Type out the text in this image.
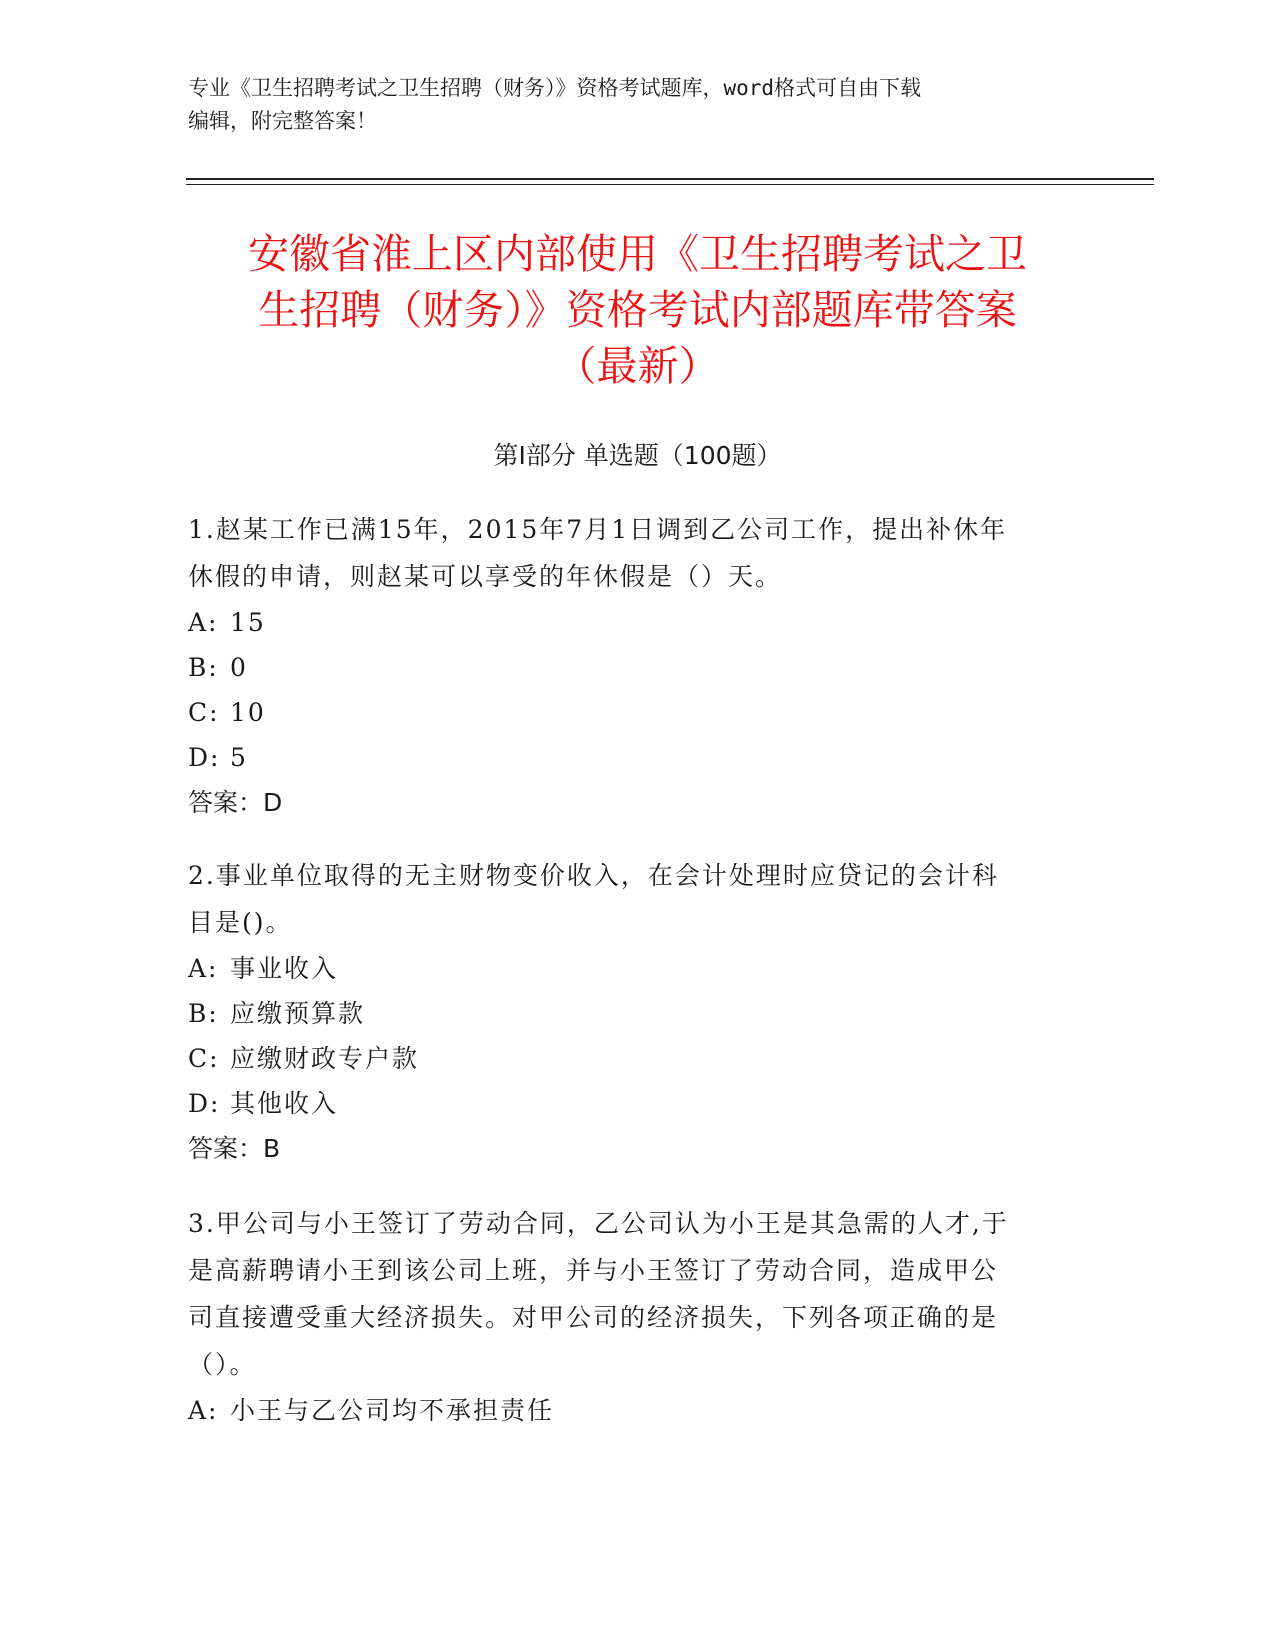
专业《卫生招聘考试之卫生招聘（财务）》资格考试题库，word格式可自由下载
编辑，附完整答案！
安徽省淮上区内部使用《卫生招聘考试之卫
生招聘（财务）》资格考试内部题库带答案
（最新）
第Ⅰ部分 单选题（100题）
1.赵某工作已满15年，2015年7月1日调到乙公司工作，提出补休年
休假的申请，则赵某可以享受的年休假是（）天。
A: 15
B: 0
C: 10
D: 5
答案：D
2.事业单位取得的无主财物变价收入，在会计处理时应贷记的会计科
目是()。
A: 事业收入
B: 应缴预算款
C: 应缴财政专户款
D: 其他收入
答案：B
3.甲公司与小王签订了劳动合同，乙公司认为小王是其急需的人才,于
是高薪聘请小王到该公司上班，并与小王签订了劳动合同，造成甲公
司直接遭受重大经济损失。对甲公司的经济损失，下列各项正确的是
（）。
A: 小王与乙公司均不承担责任
